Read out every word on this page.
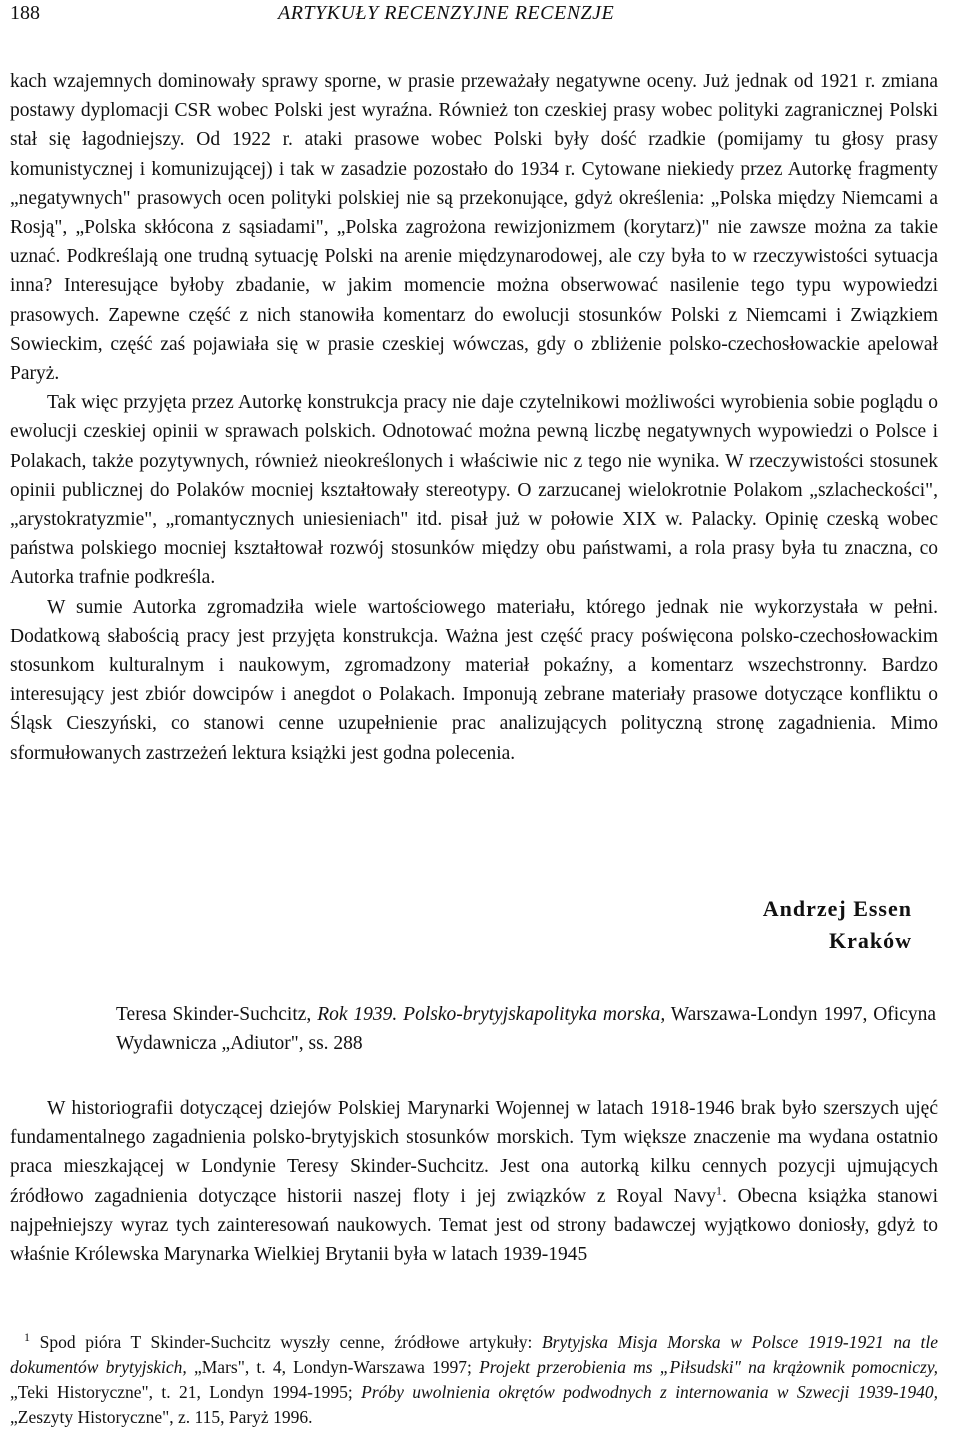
188	ARTYKUŁY RECENZYJNE RECENZJE

kach wzajemnych dominowały sprawy sporne, w prasie przeważały negatywne oceny. Już jednak od 1921 r. zmiana postawy dyplomacji CSR wobec Polski jest wyraźna. Również ton czeskiej prasy wobec polityki zagranicznej Polski stał się łagodniejszy. Od 1922 r. ataki prasowe wobec Polski były dość rzadkie (pomijamy tu głosy prasy komunistycznej i komunizującej) i tak w zasadzie pozostało do 1934 r. Cytowane niekiedy przez Autorkę fragmenty „negatywnych" prasowych ocen polityki polskiej nie są przekonujące, gdyż określenia: „Polska między Niemcami a Rosją", „Polska skłócona z sąsiadami", „Polska zagrożona rewizjonizmem (korytarz)" nie zawsze można za takie uznać. Podkreślają one trudną sytuację Polski na arenie międzynarodowej, ale czy była to w rzeczywistości sytuacja inna? Interesujące byłoby zbadanie, w jakim momencie można obserwować nasilenie tego typu wypowiedzi prasowych. Zapewne część z nich stanowiła komentarz do ewolucji stosunków Polski z Niemcami i Związkiem Sowieckim, część zaś pojawiała się w prasie czeskiej wówczas, gdy o zbliżenie polsko-czechosłowackie apelował Paryż.

Tak więc przyjęta przez Autorkę konstrukcja pracy nie daje czytelnikowi możliwości wyrobienia sobie poglądu o ewolucji czeskiej opinii w sprawach polskich. Odnotować można pewną liczbę negatywnych wypowiedzi o Polsce i Polakach, także pozytywnych, również nieokreślonych i właściwie nic z tego nie wynika. W rzeczywistości stosunek opinii publicznej do Polaków mocniej kształtowały stereotypy. O zarzucanej wielokrotnie Polakom „szlacheckości", „arystokratyzmie", „romantycznych uniesieniach" itd. pisał już w połowie XIX w. Palacky. Opinię czeską wobec państwa polskiego mocniej kształtował rozwój stosunków między obu państwami, a rola prasy była tu znaczna, co Autorka trafnie podkreśla.

W sumie Autorka zgromadziła wiele wartościowego materiału, którego jednak nie wykorzystała w pełni. Dodatkową słabością pracy jest przyjęta konstrukcja. Ważna jest część pracy poświęcona polsko-czechosłowackim stosunkom kulturalnym i naukowym, zgromadzony materiał pokaźny, a komentarz wszechstronny. Bardzo interesujący jest zbiór dowcipów i anegdot o Polakach. Imponują zebrane materiały prasowe dotyczące konfliktu o Śląsk Cieszyński, co stanowi cenne uzupełnienie prac analizujących polityczną stronę zagadnienia. Mimo sformułowanych zastrzeżeń lektura książki jest godna polecenia.

Andrzej Essen
Kraków
Teresa Skinder-Suchcitz, Rok 1939. Polsko-brytyjskapolityka morska, Warszawa-Londyn 1997, Oficyna Wydawnicza „Adiutor", ss. 288

W historiografii dotyczącej dziejów Polskiej Marynarki Wojennej w latach 1918-1946 brak było szerszych ujęć fundamentalnego zagadnienia polsko-brytyjskich stosunków morskich. Tym większe znaczenie ma wydana ostatnio praca mieszkającej w Londynie Teresy Skinder-Suchcitz. Jest ona autorką kilku cennych pozycji ujmujących źródłowo zagadnienia dotyczące historii naszej floty i jej związków z Royal Navy$^1$. Obecna książka stanowi najpełniejszy wyraz tych zainteresowań naukowych. Temat jest od strony badawczej wyjątkowo doniosły, gdyż to właśnie Królewska Marynarka Wielkiej Brytanii była w latach 1939-1945

$^1$ Spod pióra T Skinder-Suchcitz wyszły cenne, źródłowe artykuły: Brytyjska Misja Morska w Polsce 1919-1921 na tle dokumentów brytyjskich, „Mars", t. 4, Londyn-Warszawa 1997; Projekt przerobienia ms „Piłsudski" na krążownik pomocniczy, „Teki Historyczne", t. 21, Londyn 1994-1995; Próby uwolnienia okrętów podwodnych z internowania w Szwecji 1939-1940, „Zeszyty Historyczne", z. 115, Paryż 1996.
